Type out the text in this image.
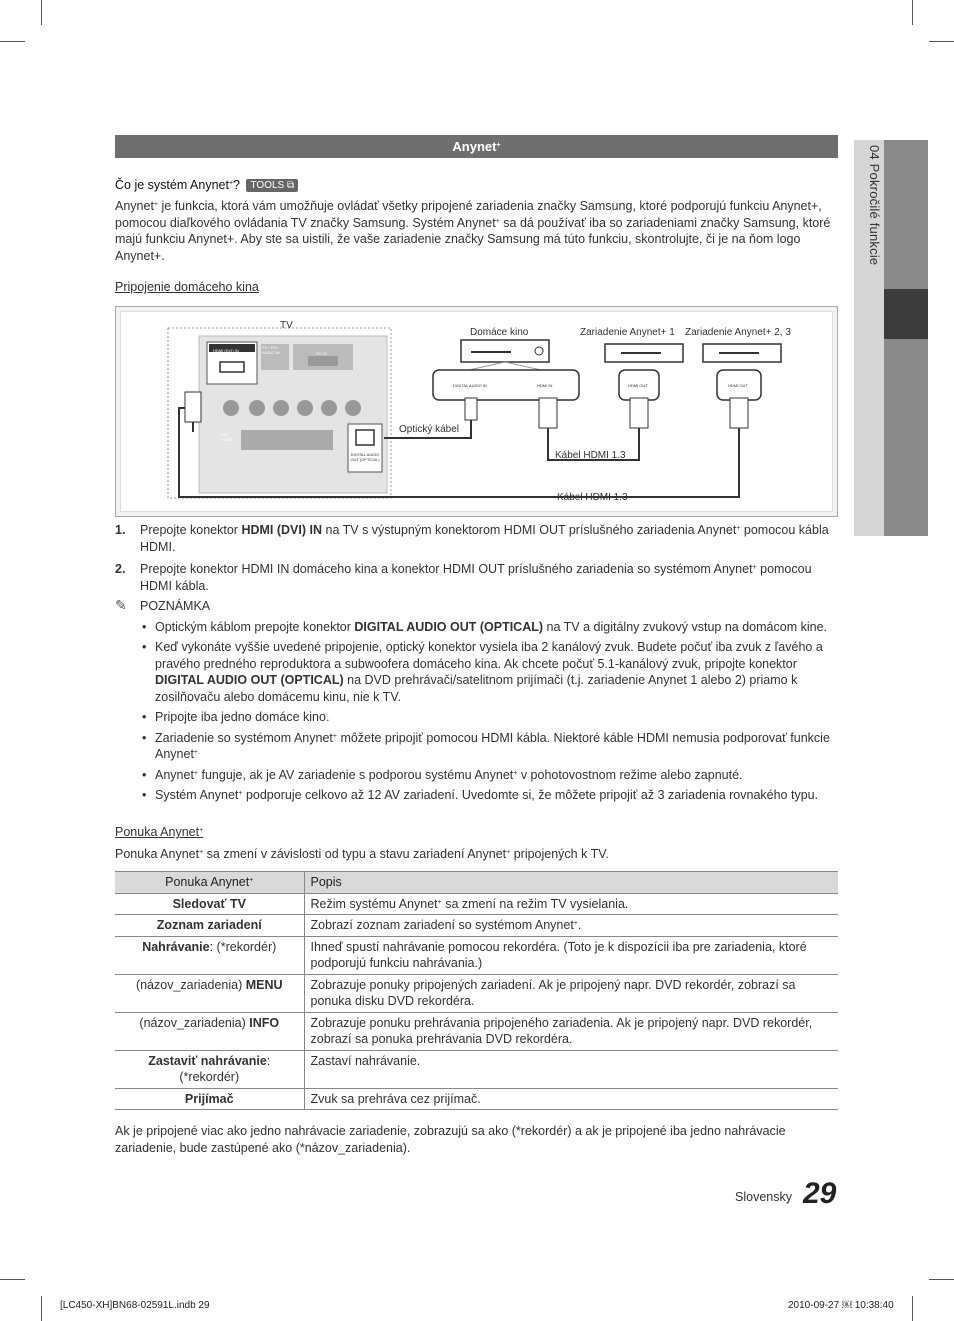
04 Pokročilé funkcie
Anynet+
Čo je systém Anynet+? TOOLS ⧉
Anynet+ je funkcia, ktorá vám umožňuje ovládať všetky pripojené zariadenia značky Samsung, ktoré podporujú funkciu Anynet+, pomocou diaľkového ovládania TV značky Samsung. Systém Anynet+ sa dá používať iba so zariadeniami značky Samsung, ktoré majú funkciu Anynet+. Aby ste sa uistili, že vaše zariadenie značky Samsung má túto funkciu, skontrolujte, či je na ňom logo Anynet+.
Pripojenie domáceho kina
TV
Domáce kino	Zariadenie Anynet+ 1 Zariadenie Anynet+ 2, 3
Optický kábel
Kábel HDMI 1.3
Kábel HDMI 1.3
HDMI (DVI) IN
PC / DVI AUDIO IN	PC IN
EXT (RGB)
DIGITAL AUDIO OUT (OPTICAL)
DIGITAL AUDIO IN	HDMI IN	HDMI OUT	HDMI OUT
1. Prepojte konektor HDMI (DVI) IN na TV s výstupným konektorom HDMI OUT príslušného zariadenia Anynet+ pomocou kábla HDMI.
2. Prepojte konektor HDMI IN domáceho kina a konektor HDMI OUT príslušného zariadenia so systémom Anynet+ pomocou HDMI kábla.
✎ POZNÁMKA
• Optickým káblom prepojte konektor DIGITAL AUDIO OUT (OPTICAL) na TV a digitálny zvukový vstup na domácom kine.
• Keď vykonáte vyššie uvedené pripojenie, optický konektor vysiela iba 2 kanálový zvuk. Budete počuť iba zvuk z ľavého a pravého predného reproduktora a subwoofera domáceho kina. Ak chcete počuť 5.1-kanálový zvuk, pripojte konektor DIGITAL AUDIO OUT (OPTICAL) na DVD prehrávači/satelitnom prijímači (t.j. zariadenie Anynet 1 alebo 2) priamo k zosilňovaču alebo domácemu kinu, nie k TV.
• Pripojte iba jedno domáce kino.
• Zariadenie so systémom Anynet+ môžete pripojiť pomocou HDMI kábla. Niektoré káble HDMI nemusia podporovať funkcie Anynet+.
• Anynet+ funguje, ak je AV zariadenie s podporou systému Anynet+ v pohotovostnom režime alebo zapnuté.
• Systém Anynet+ podporuje celkovo až 12 AV zariadení. Uvedomte si, že môžete pripojiť až 3 zariadenia rovnakého typu.
Ponuka Anynet+
Ponuka Anynet+ sa zmení v závislosti od typu a stavu zariadení Anynet+ pripojených k TV.
Ponuka Anynet+	Popis
Sledovať TV	Režim systému Anynet+ sa zmení na režim TV vysielania.
Zoznam zariadení	Zobrazí zoznam zariadení so systémom Anynet+.
Nahrávanie: (*rekordér)	Ihneď spustí nahrávanie pomocou rekordéra. (Toto je k dispozícii iba pre zariadenia, ktoré podporujú funkciu nahrávania.)
(názov_zariadenia) MENU	Zobrazuje ponuky pripojených zariadení. Ak je pripojený napr. DVD rekordér, zobrazí sa ponuka disku DVD rekordéra.
(názov_zariadenia) INFO	Zobrazuje ponuku prehrávania pripojeného zariadenia. Ak je pripojený napr. DVD rekordér, zobrazí sa ponuka prehrávania DVD rekordéra.
Zastaviť nahrávanie:
(*rekordér)	Zastaví nahrávanie.
Prijímač	Zvuk sa prehráva cez prijímač.
Ak je pripojené viac ako jedno nahrávacie zariadenie, zobrazujú sa ako (*rekordér) a ak je pripojené iba jedno nahrávacie zariadenie, bude zastúpené ako (*názov_zariadenia).
Slovensky 29
[LC450-XH]BN68-02591L.indb 29	2010-09-27 ￼ 10:38:40
